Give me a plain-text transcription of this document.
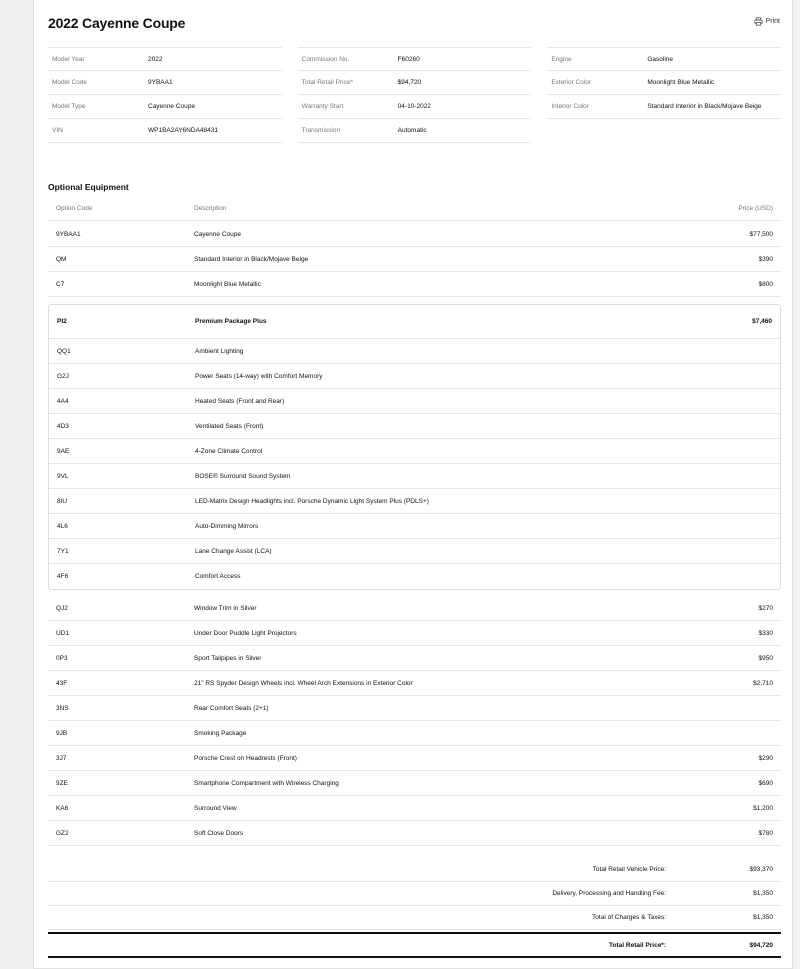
2022 Cayenne Coupe	Print
Model Year	2022
Model Code	9YBAA1
Model Type	Cayenne Coupe
VIN	WP1BA2AY6NDA48431
Commission No.	F60260
Total Retail Price*	$94,720
Warranty Start	04-10-2022
Transmission	Automatic
Engine	Gasoline
Exterior Color	Moonlight Blue Metallic
Interior Color	Standard Interior in Black/Mojave Beige
Optional Equipment
Option Code	Description	Price (USD)
9YBAA1	Cayenne Coupe	$77,500
QM	Standard Interior in Black/Mojave Beige	$390
C7	Moonlight Blue Metallic	$800
PI2	Premium Package Plus	$7,460
QQ1	Ambient Lighting
G2J	Power Seats (14-way) with Comfort Memory
4A4	Heated Seats (Front and Rear)
4D3	Ventilated Seats (Front)
9AE	4-Zone Climate Control
9VL	BOSE® Surround Sound System
8IU	LED-Matrix Design Headlights incl. Porsche Dynamic Light System Plus (PDLS+)
4L6	Auto-Dimming Mirrors
7Y1	Lane Change Assist (LCA)
4F6	Comfort Access
QJ2	Window Trim in Silver	$270
UD1	Under Door Puddle Light Projectors	$330
0P3	Sport Tailpipes in Silver	$950
43F	21" RS Spyder Design Wheels incl. Wheel Arch Extensions in Exterior Color	$2,710
3NS	Rear Comfort Seats (2+1)
9JB	Smoking Package
3J7	Porsche Crest on Headrests (Front)	$290
9ZE	Smartphone Compartment with Wireless Charging	$690
KA6	Surround View	$1,200
GZ2	Soft Close Doors	$780
Total Retail Vehicle Price:	$93,370
Delivery, Processing and Handling Fee:	$1,350
Total of Charges & Taxes:	$1,350
Total Retail Price*:	$94,720
